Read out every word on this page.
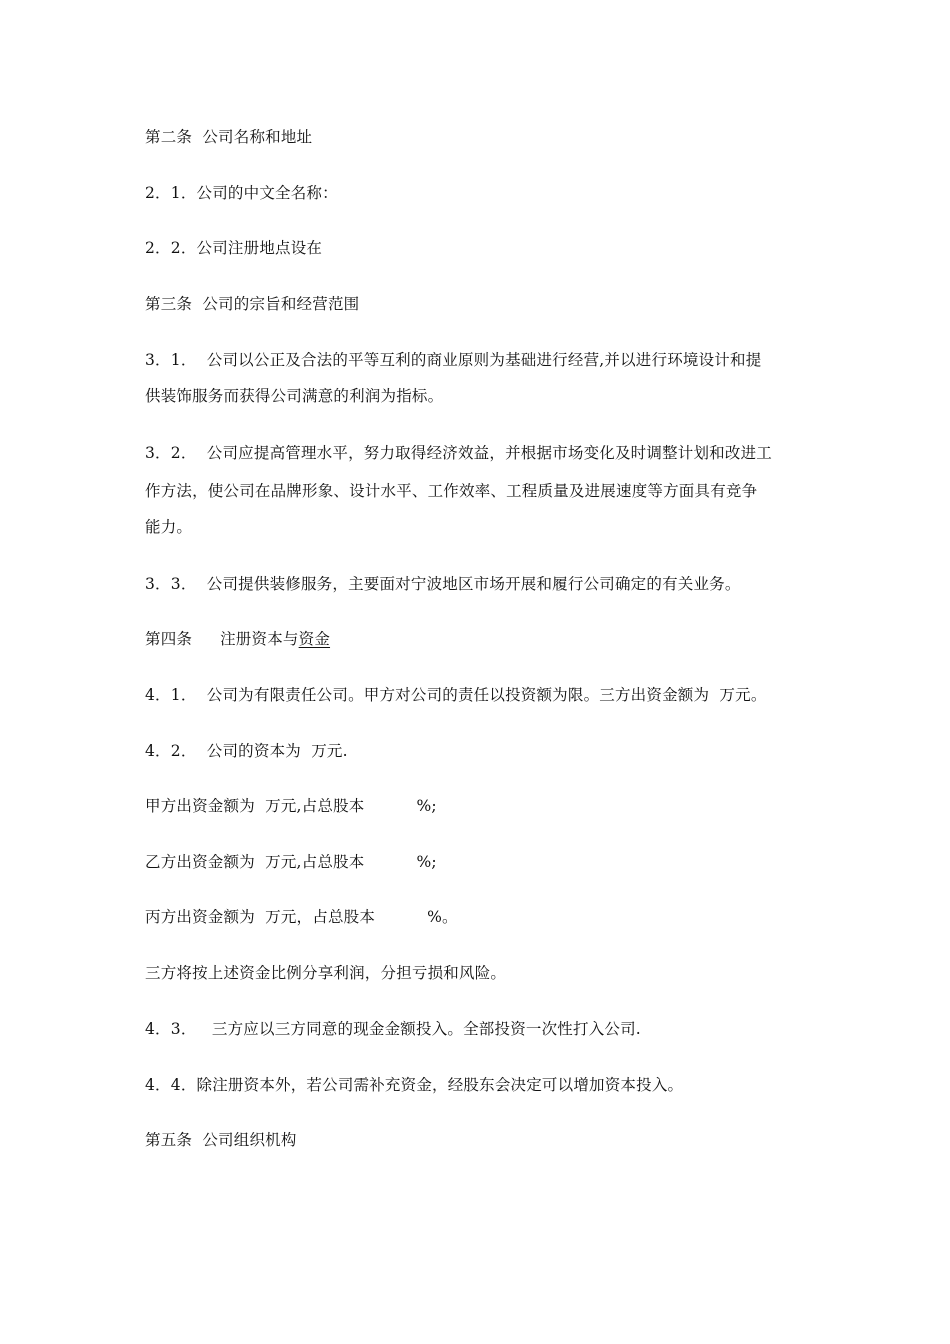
第二条  公司名称和地址
2．1．公司的中文全名称：
2．2．公司注册地点设在
第三条  公司的宗旨和经营范围
3．1．  公司以公正及合法的平等互利的商业原则为基础进行经营,并以进行环境设计和提
供装饰服务而获得公司满意的利润为指标。
3．2．  公司应提高管理水平，努力取得经济效益，并根据市场变化及时调整计划和改进工
作方法，使公司在品牌形象、设计水平、工作效率、工程质量及进展速度等方面具有竞争
能力。
3．3．  公司提供装修服务，主要面对宁波地区市场开展和履行公司确定的有关业务。
第四条 注册资本与资金
4．1．  公司为有限责任公司。甲方对公司的责任以投资额为限。三方出资金额为  万元。
4．2．  公司的资本为  万元.
甲方出资金额为  万元,占总股本	%;
乙方出资金额为  万元,占总股本	%;
丙方出资金额为  万元，占总股本	%。
三方将按上述资金比例分享利润，分担亏损和风险。
4．3．   三方应以三方同意的现金金额投入。全部投资一次性打入公司.
4．4．除注册资本外，若公司需补充资金，经股东会决定可以增加资本投入。
第五条  公司组织机构
